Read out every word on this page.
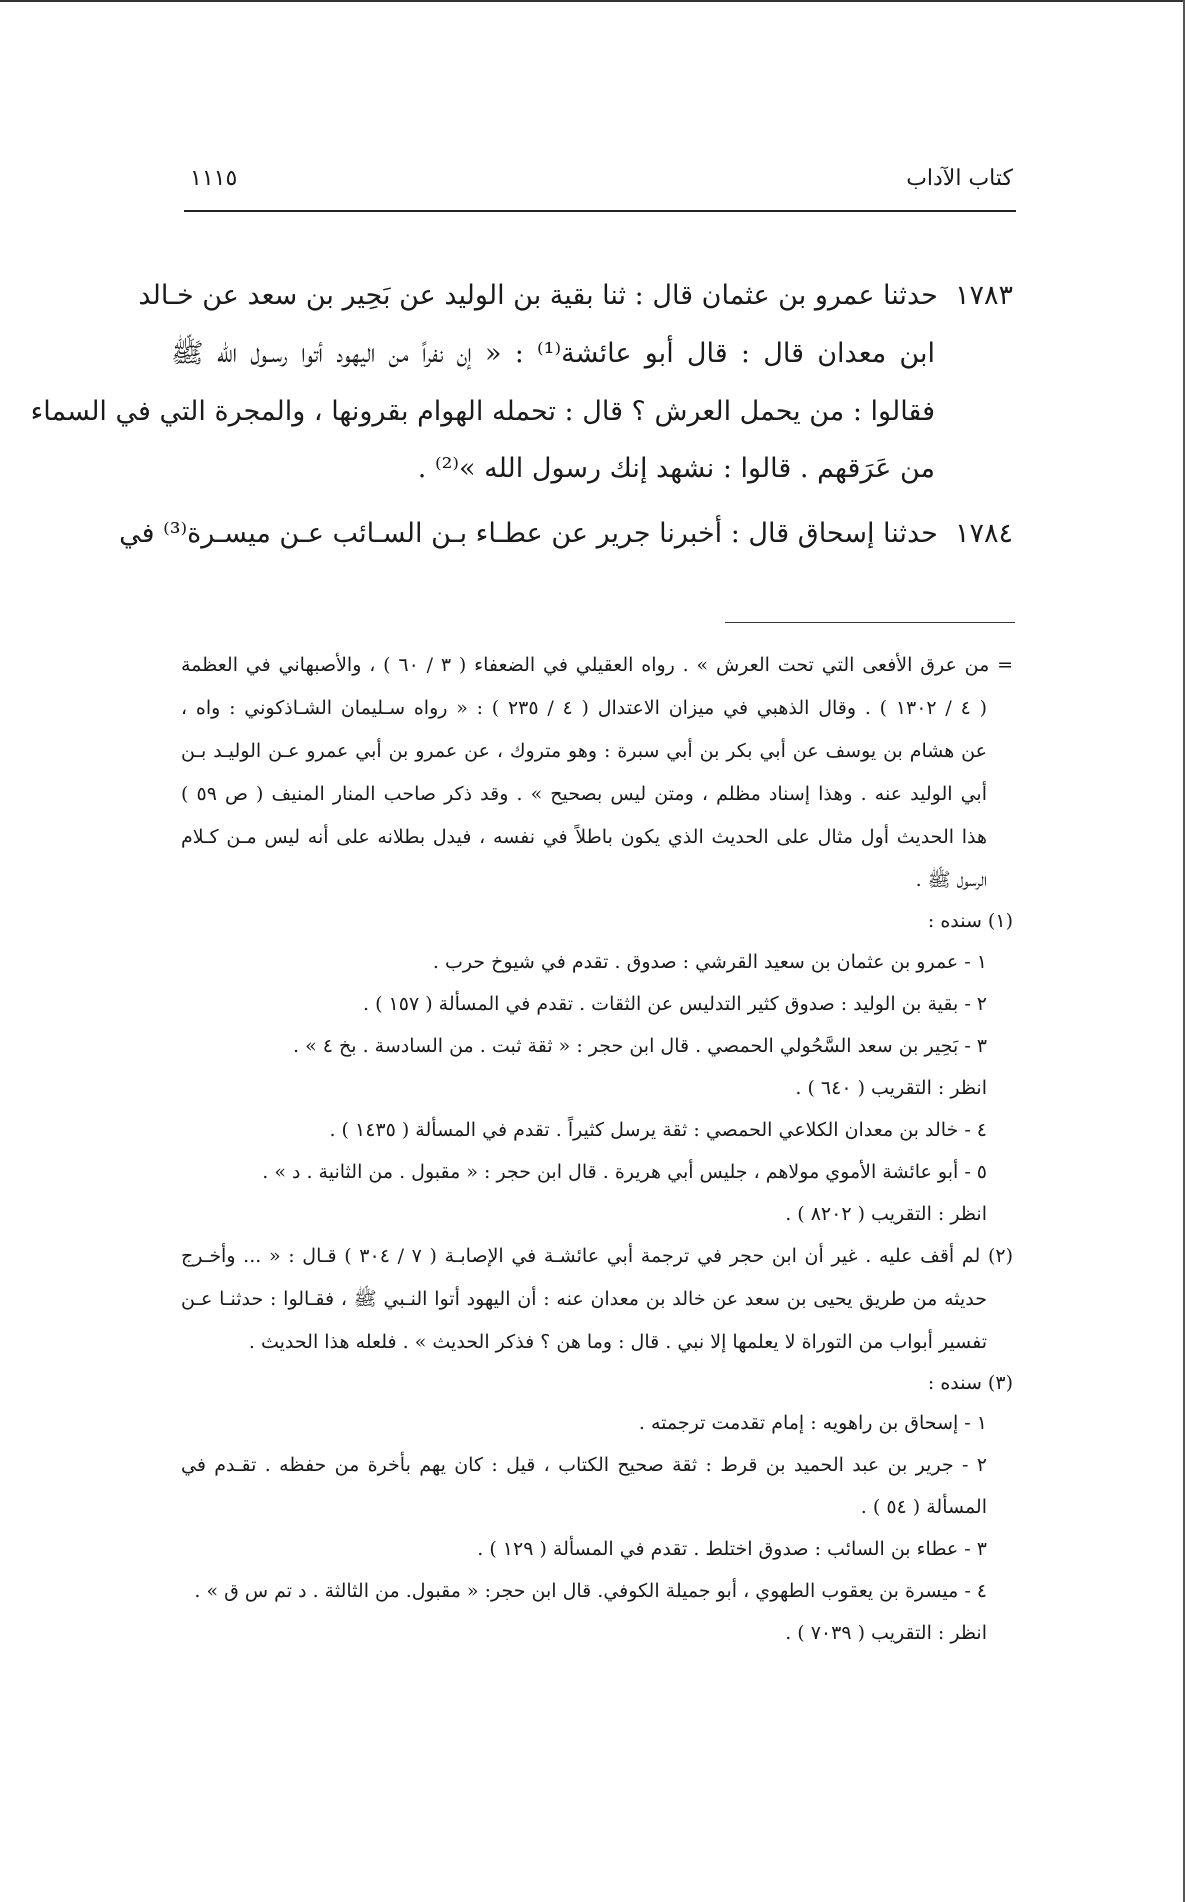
كتاب الآداب
١١١٥
١٧٨٣  حدثنا عمرو بن عثمان قال : ثنا بقية بن الوليد عن بَحِير بن سعد عن خـالد
ابن معدان قال : قال أبو عائشة⁽¹⁾ : « إن نفراً من اليهود أتوا رسـول الله ﷺ
فقالوا : من يحمل العرش ؟ قال : تحمله الهوام بقرونها ، والمجرة التي في السماء
من عَرَقهم . قالوا : نشهد إنك رسول الله »⁽²⁾ .
١٧٨٤  حدثنا إسحاق قال : أخبرنا جرير عن عطـاء بـن السـائب عـن ميسـرة⁽³⁾ في
= من عرق الأفعى التي تحت العرش » . رواه العقيلي في الضعفاء ( ٣ / ٦٠ ) ، والأصبهاني في العظمة
( ٤ / ١٣٠٢ ) . وقال الذهبي في ميزان الاعتدال ( ٤ / ٢٣٥ ) : « رواه سـليمان الشـاذكوني : واه ،
عن هشام بن يوسف عن أبي بكر بن أبي سبرة : وهو متروك ، عن عمرو بن أبي عمرو عـن الوليـد بـن
أبي الوليد عنه . وهذا إسناد مظلم ، ومتن ليس بصحيح » . وقد ذكر صاحب المنار المنيف ( ص ٥٩ )
هذا الحديث أول مثال على الحديث الذي يكون باطلاً في نفسه ، فيدل بطلانه على أنه ليس مـن كـلام
الرسول ﷺ .
(١) سنده :
١ - عمرو بن عثمان بن سعيد القرشي : صدوق . تقدم في شيوخ حرب .
٢ - بقية بن الوليد : صدوق كثير التدليس عن الثقات . تقدم في المسألة ( ١٥٧ ) .
٣ - بَحِير بن سعد السَّحُولي الحمصي . قال ابن حجر : « ثقة ثبت . من السادسة . بخ ٤ » .
انظر : التقريب ( ٦٤٠ ) .
٤ - خالد بن معدان الكلاعي الحمصي : ثقة يرسل كثيراً . تقدم في المسألة ( ١٤٣٥ ) .
٥ - أبو عائشة الأموي مولاهم ، جليس أبي هريرة . قال ابن حجر : « مقبول . من الثانية . د » .
انظر : التقريب ( ٨٢٠٢ ) .
(٢) لم أقف عليه . غير أن ابن حجر في ترجمة أبي عائشـة في الإصابـة ( ٧ / ٣٠٤ ) قـال : « ... وأخـرج
حديثه من طريق يحيى بن سعد عن خالد بن معدان عنه : أن اليهود أتوا النـبي ﷺ ، فقـالوا : حدثنـا عـن
تفسير أبواب من التوراة لا يعلمها إلا نبي . قال : وما هن ؟ فذكر الحديث » . فلعله هذا الحديث .
(٣) سنده :
١ - إسحاق بن راهويه : إمام تقدمت ترجمته .
٢ - جرير بن عبد الحميد بن قرط : ثقة صحيح الكتاب ، قيل : كان يهم بأخرة من حفظه . تقـدم في
المسألة ( ٥٤ ) .
٣ - عطاء بن السائب : صدوق اختلط . تقدم في المسألة ( ١٢٩ ) .
٤ - ميسرة بن يعقوب الطهوي ، أبو جميلة الكوفي. قال ابن حجر: « مقبول. من الثالثة . د تم س ق » .
انظر : التقريب ( ٧٠٣٩ ) .
